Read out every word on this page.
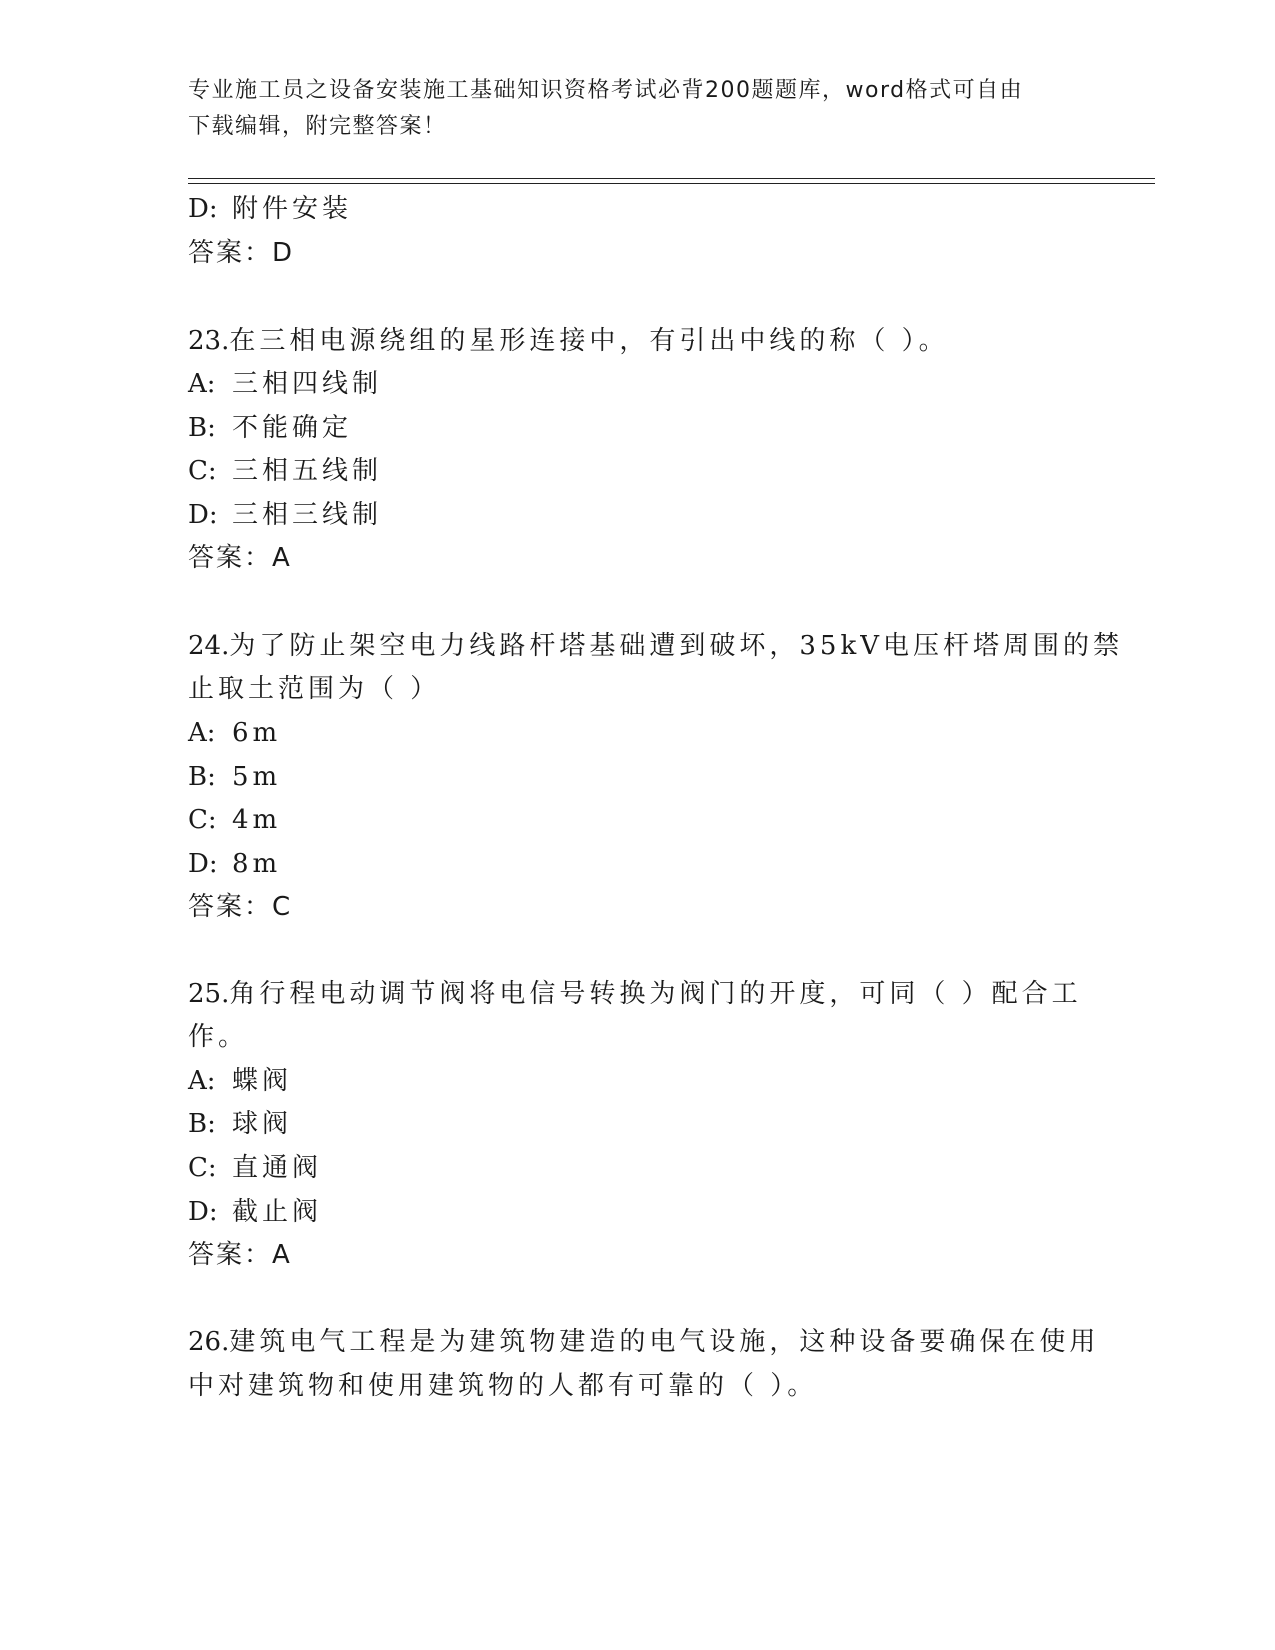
专业施工员之设备安装施工基础知识资格考试必背200题题库，word格式可自由
下载编辑，附完整答案！
D: 附件安装
答案：D
23.在三相电源绕组的星形连接中，有引出中线的称（ ）。
A: 三相四线制
B: 不能确定
C: 三相五线制
D: 三相三线制
答案：A
24.为了防止架空电力线路杆塔基础遭到破坏，35kV电压杆塔周围的禁
止取土范围为（ ）
A: 6m
B: 5m
C: 4m
D: 8m
答案：C
25.角行程电动调节阀将电信号转换为阀门的开度，可同（ ）配合工
作。
A: 蝶阀
B: 球阀
C: 直通阀
D: 截止阀
答案：A
26.建筑电气工程是为建筑物建造的电气设施，这种设备要确保在使用
中对建筑物和使用建筑物的人都有可靠的（ ）。
